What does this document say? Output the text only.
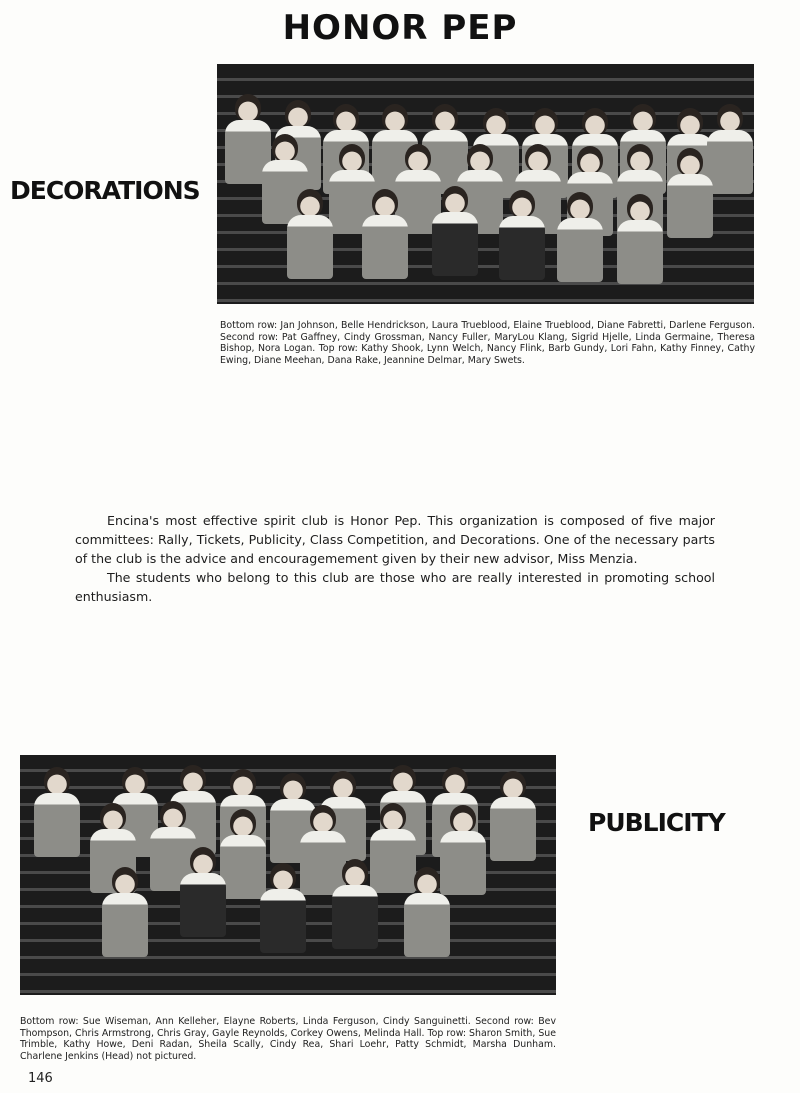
HONOR PEP
DECORATIONS

Bottom row: Jan Johnson, Belle Hendrickson, Laura Trueblood, Elaine Trueblood, Diane Fabretti, Darlene Ferguson. Second row: Pat Gaffney, Cindy Grossman, Nancy Fuller, MaryLou Klang, Sigrid Hjelle, Linda Germaine, Theresa Bishop, Nora Logan. Top row: Kathy Shook, Lynn Welch, Nancy Flink, Barb Gundy, Lori Fahn, Kathy Finney, Cathy Ewing, Diane Meehan, Dana Rake, Jeannine Delmar, Mary Swets.

Encina's most effective spirit club is Honor Pep. This organization is composed of five major committees: Rally, Tickets, Publicity, Class Competition, and Decorations. One of the necessary parts of the club is the advice and encouragemement given by their new advisor, Miss Menzia.

The students who belong to this club are those who are really interested in promoting school enthusiasm.

PUBLICITY

Bottom row: Sue Wiseman, Ann Kelleher, Elayne Roberts, Linda Ferguson, Cindy Sanguinetti. Second row: Bev Thompson, Chris Armstrong, Chris Gray, Gayle Reynolds, Corkey Owens, Melinda Hall. Top row: Sharon Smith, Sue Trimble, Kathy Howe, Deni Radan, Sheila Scally, Cindy Rea, Shari Loehr, Patty Schmidt, Marsha Dunham. Charlene Jenkins (Head) not pictured.

146
